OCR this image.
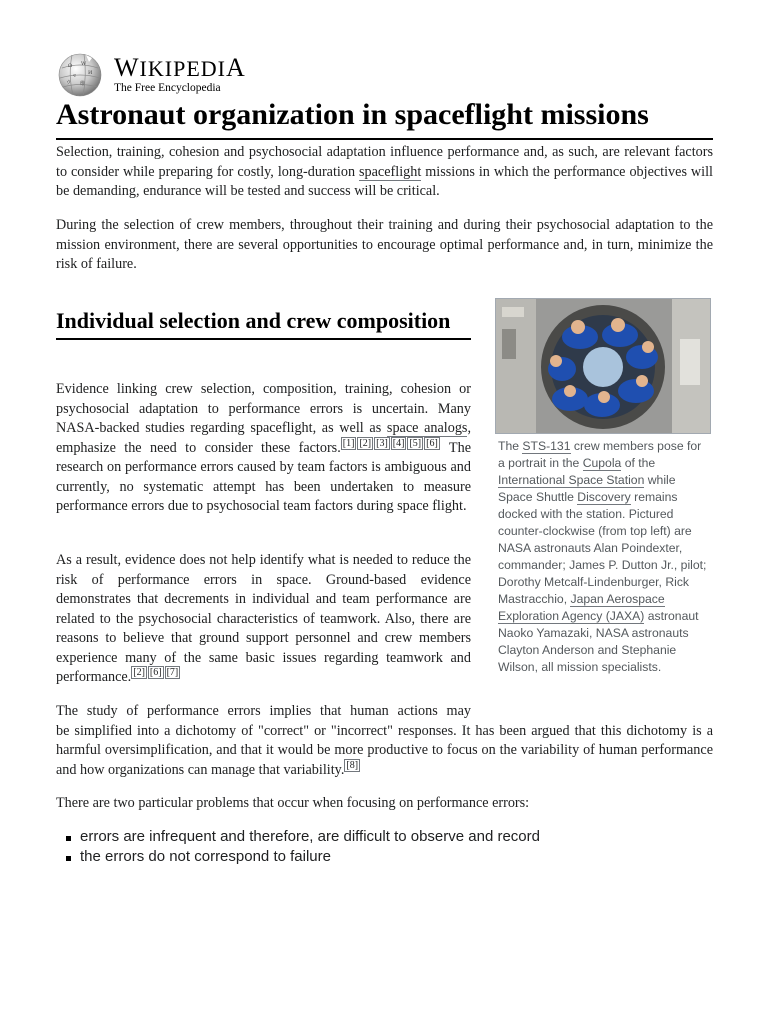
Ω W
И
ব
ウ 维
WIKIPEDIA
The Free Encyclopedia
Astronaut organization in spaceflight missions

Selection, training, cohesion and psychosocial adaptation influence performance and, as such, are relevant factors to consider while preparing for costly, long-duration spaceflight missions in which the performance objectives will be demanding, endurance will be tested and success will be critical.

During the selection of crew members, throughout their training and during their psychosocial adaptation to the mission environment, there are several opportunities to encourage optimal performance and, in turn, minimize the risk of failure.

Individual selection and crew composition

Evidence linking crew selection, composition, training, cohesion or psychosocial adaptation to performance errors is uncertain. Many NASA-backed studies regarding spaceflight, as well as space analogs, emphasize the need to consider these factors. [1] [2] [3] [4] [5] [6] The research on performance errors caused by team factors is ambiguous and currently, no systematic attempt has been undertaken to measure performance errors due to psychosocial team factors during space flight.

As a result, evidence does not help identify what is needed to reduce the risk of performance errors in space. Ground-based evidence demonstrates that decrements in individual and team performance are related to the psychosocial characteristics of teamwork. Also, there are reasons to believe that ground support personnel and crew members experience many of the same basic issues regarding teamwork and performance. [2] [6] [7]

The STS-131 crew members pose for a portrait in the Cupola of the International Space Station while Space Shuttle Discovery remains docked with the station. Pictured counter-clockwise (from top left) are NASA astronauts Alan Poindexter, commander; James P. Dutton Jr., pilot; Dorothy Metcalf-Lindenburger, Rick Mastracchio, Japan Aerospace Exploration Agency (JAXA) astronaut Naoko Yamazaki, NASA astronauts Clayton Anderson and Stephanie Wilson, all mission specialists.

The study of performance errors implies that human actions may
be simplified into a dichotomy of "correct" or "incorrect" responses. It has been argued that this dichotomy is a harmful oversimplification, and that it would be more productive to focus on the variability of human performance and how organizations can manage that variability. [8]

There are two particular problems that occur when focusing on performance errors:

errors are infrequent and therefore, are difficult to observe and record
the errors do not correspond to failure
